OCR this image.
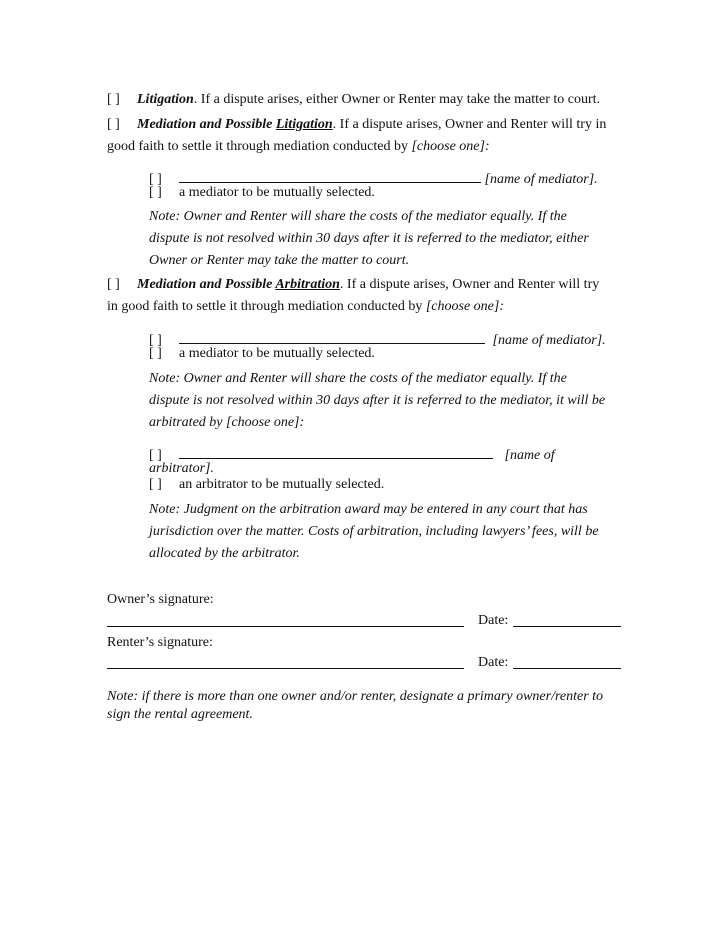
[ ] Litigation. If a dispute arises, either Owner or Renter may take the matter to court.
[ ] Mediation and Possible Litigation. If a dispute arises, Owner and Renter will try in
good faith to settle it through mediation conducted by [choose one]:
[ ]	[name of mediator].
[ ] a mediator to be mutually selected.
Note: Owner and Renter will share the costs of the mediator equally. If the
dispute is not resolved within 30 days after it is referred to the mediator, either
Owner or Renter may take the matter to court.
[ ] Mediation and Possible Arbitration. If a dispute arises, Owner and Renter will try
in good faith to settle it through mediation conducted by [choose one]:
[ ]	[name of mediator].
[ ] a mediator to be mutually selected.
Note: Owner and Renter will share the costs of the mediator equally. If the
dispute is not resolved within 30 days after it is referred to the mediator, it will be
arbitrated by [choose one]:
[ ]	[name of
arbitrator].
[ ] an arbitrator to be mutually selected.
Note: Judgment on the arbitration award may be entered in any court that has
jurisdiction over the matter. Costs of arbitration, including lawyers’ fees, will be
allocated by the arbitrator.
Owner’s signature:
Date:
Renter’s signature:
Date:
Note: if there is more than one owner and/or renter, designate a primary owner/renter to
sign the rental agreement.
